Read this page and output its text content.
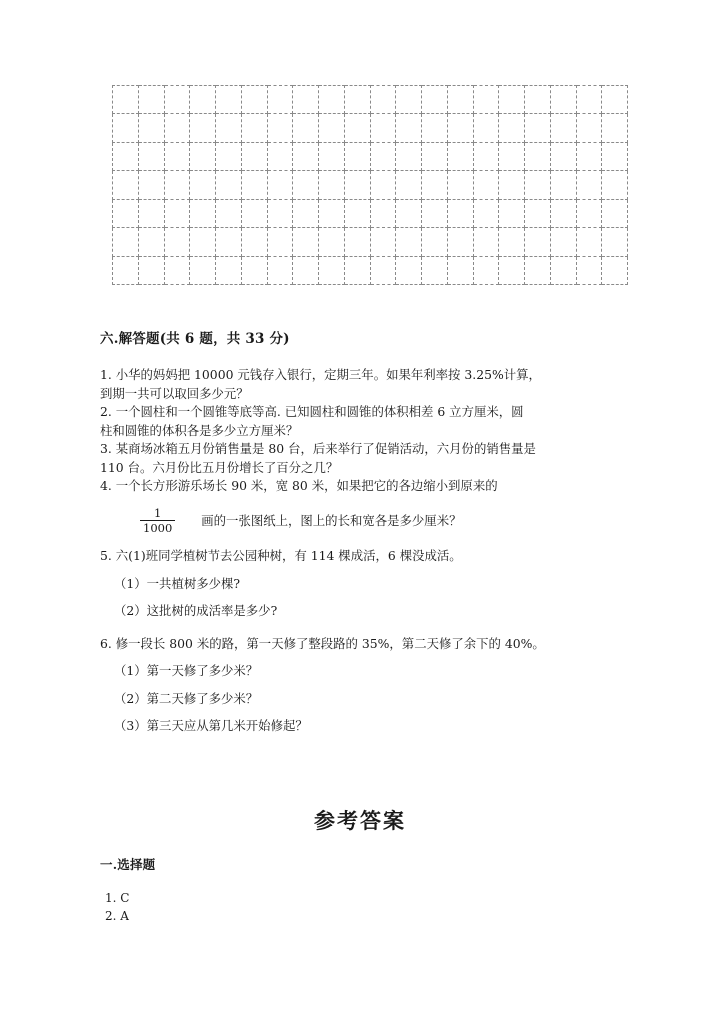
六.解答题(共 6 题，共 33 分)
1. 小华的妈妈把 10000 元钱存入银行，定期三年。如果年利率按 3.25%计算，
到期一共可以取回多少元？
2. 一个圆柱和一个圆锥等底等高. 已知圆柱和圆锥的体积相差 6 立方厘米，圆
柱和圆锥的体积各是多少立方厘米？
3. 某商场冰箱五月份销售量是 80 台，后来举行了促销活动，六月份的销售量是
110 台。六月份比五月份增长了百分之几？
4. 一个长方形游乐场长 90 米，宽 80 米，如果把它的各边缩小到原来的
$\frac{1}{1000}$ 画的一张图纸上，图上的长和宽各是多少厘米？
5. 六(1)班同学植树节去公园种树，有 114 棵成活，6 棵没成活。
（1）一共植树多少棵?
（2）这批树的成活率是多少?
6. 修一段长 800 米的路，第一天修了整段路的 35%，第二天修了余下的 40%。
（1）第一天修了多少米？
（2）第二天修了多少米？
（3）第三天应从第几米开始修起？
参考答案
一.选择题
1. C
2. A
